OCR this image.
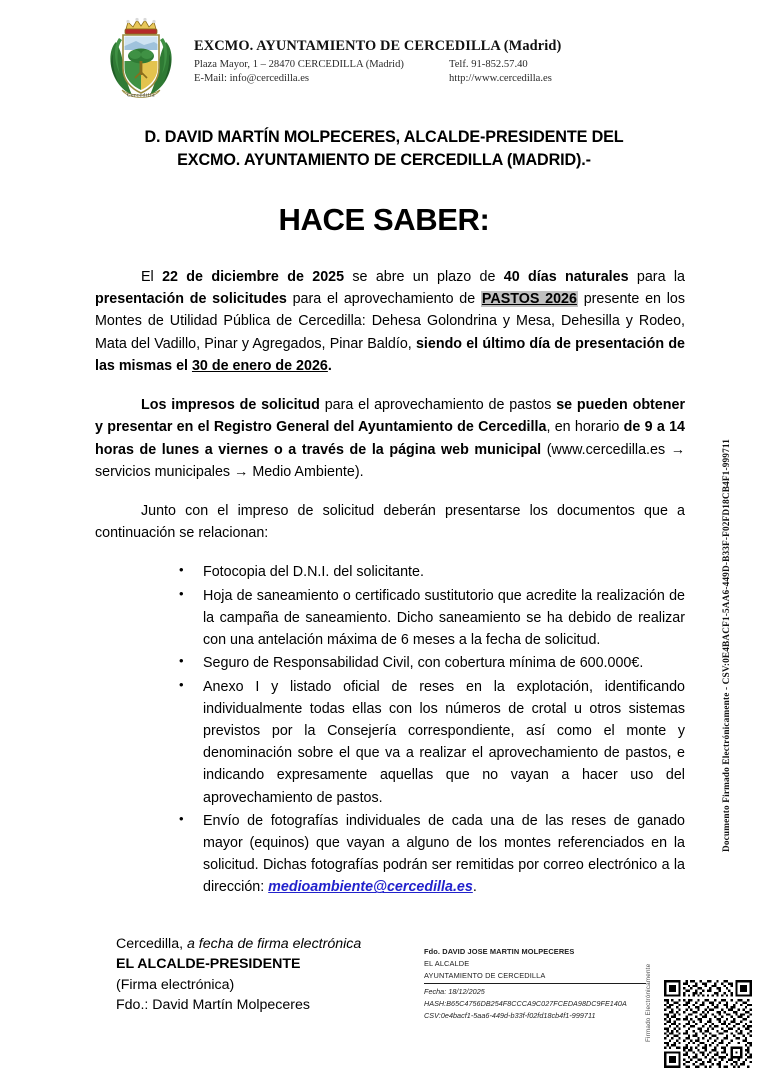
Cercedilla
EXCMO. AYUNTAMIENTO DE CERCEDILLA (Madrid)
Plaza Mayor, 1 – 28470 CERCEDILLA (Madrid)	Telf. 91-852.57.40
E-Mail: info@cercedilla.es	http://www.cercedilla.es
D. DAVID MARTÍN MOLPECERES, ALCALDE-PRESIDENTE DEL
EXCMO. AYUNTAMIENTO DE CERCEDILLA (MADRID).-
HACE SABER:

El 22 de diciembre de 2025 se abre un plazo de 40 días naturales para la presentación de solicitudes para el aprovechamiento de PASTOS 2026 presente en los Montes de Utilidad Pública de Cercedilla: Dehesa Golondrina y Mesa, Dehesilla y Rodeo, Mata del Vadillo, Pinar y Agregados, Pinar Baldío, siendo el último día de presentación de las mismas el 30 de enero de 2026.

Los impresos de solicitud para el aprovechamiento de pastos se pueden obtener y presentar en el Registro General del Ayuntamiento de Cercedilla, en horario de 9 a 14 horas de lunes a viernes o a través de la página web municipal (www.cercedilla.es → servicios municipales → Medio Ambiente).

Junto con el impreso de solicitud deberán presentarse los documentos que a continuación se relacionan:

• Fotocopia del D.N.I. del solicitante.
• Hoja de saneamiento o certificado sustitutorio que acredite la realización de la campaña de saneamiento. Dicho saneamiento se ha debido de realizar con una antelación máxima de 6 meses a la fecha de solicitud.
• Seguro de Responsabilidad Civil, con cobertura mínima de 600.000€.
• Anexo I y listado oficial de reses en la explotación, identificando individualmente todas ellas con los números de crotal u otros sistemas previstos por la Consejería correspondiente, así como el monte y denominación sobre el que va a realizar el aprovechamiento de pastos, e indicando expresamente aquellas que no vayan a hacer uso del aprovechamiento de pastos.
• Envío de fotografías individuales de cada una de las reses de ganado mayor (equinos) que vayan a alguno de los montes referenciados en la solicitud. Dichas fotografías podrán ser remitidas por correo electrónico a la dirección: medioambiente@cercedilla.es.
Cercedilla, a fecha de firma electrónica
EL ALCALDE-PRESIDENTE
(Firma electrónica)
Fdo.: David Martín Molpeceres
Fdo. DAVID JOSE MARTIN MOLPECERES
EL ALCALDE
AYUNTAMIENTO DE CERCEDILLA
Fecha: 18/12/2025
HASH:B65C4756DB254F8CCCA9C027FCEDA98DC9FE140A
CSV:0e4bacf1-5aa6-449d-b33f-f02fd18cb4f1-999711	Firmado Electrónicamente
Documento Firmado Electrónicamente - CSV:0E4BACF1-5AA6-449D-B33F-F02FD18CB4F1-999711
